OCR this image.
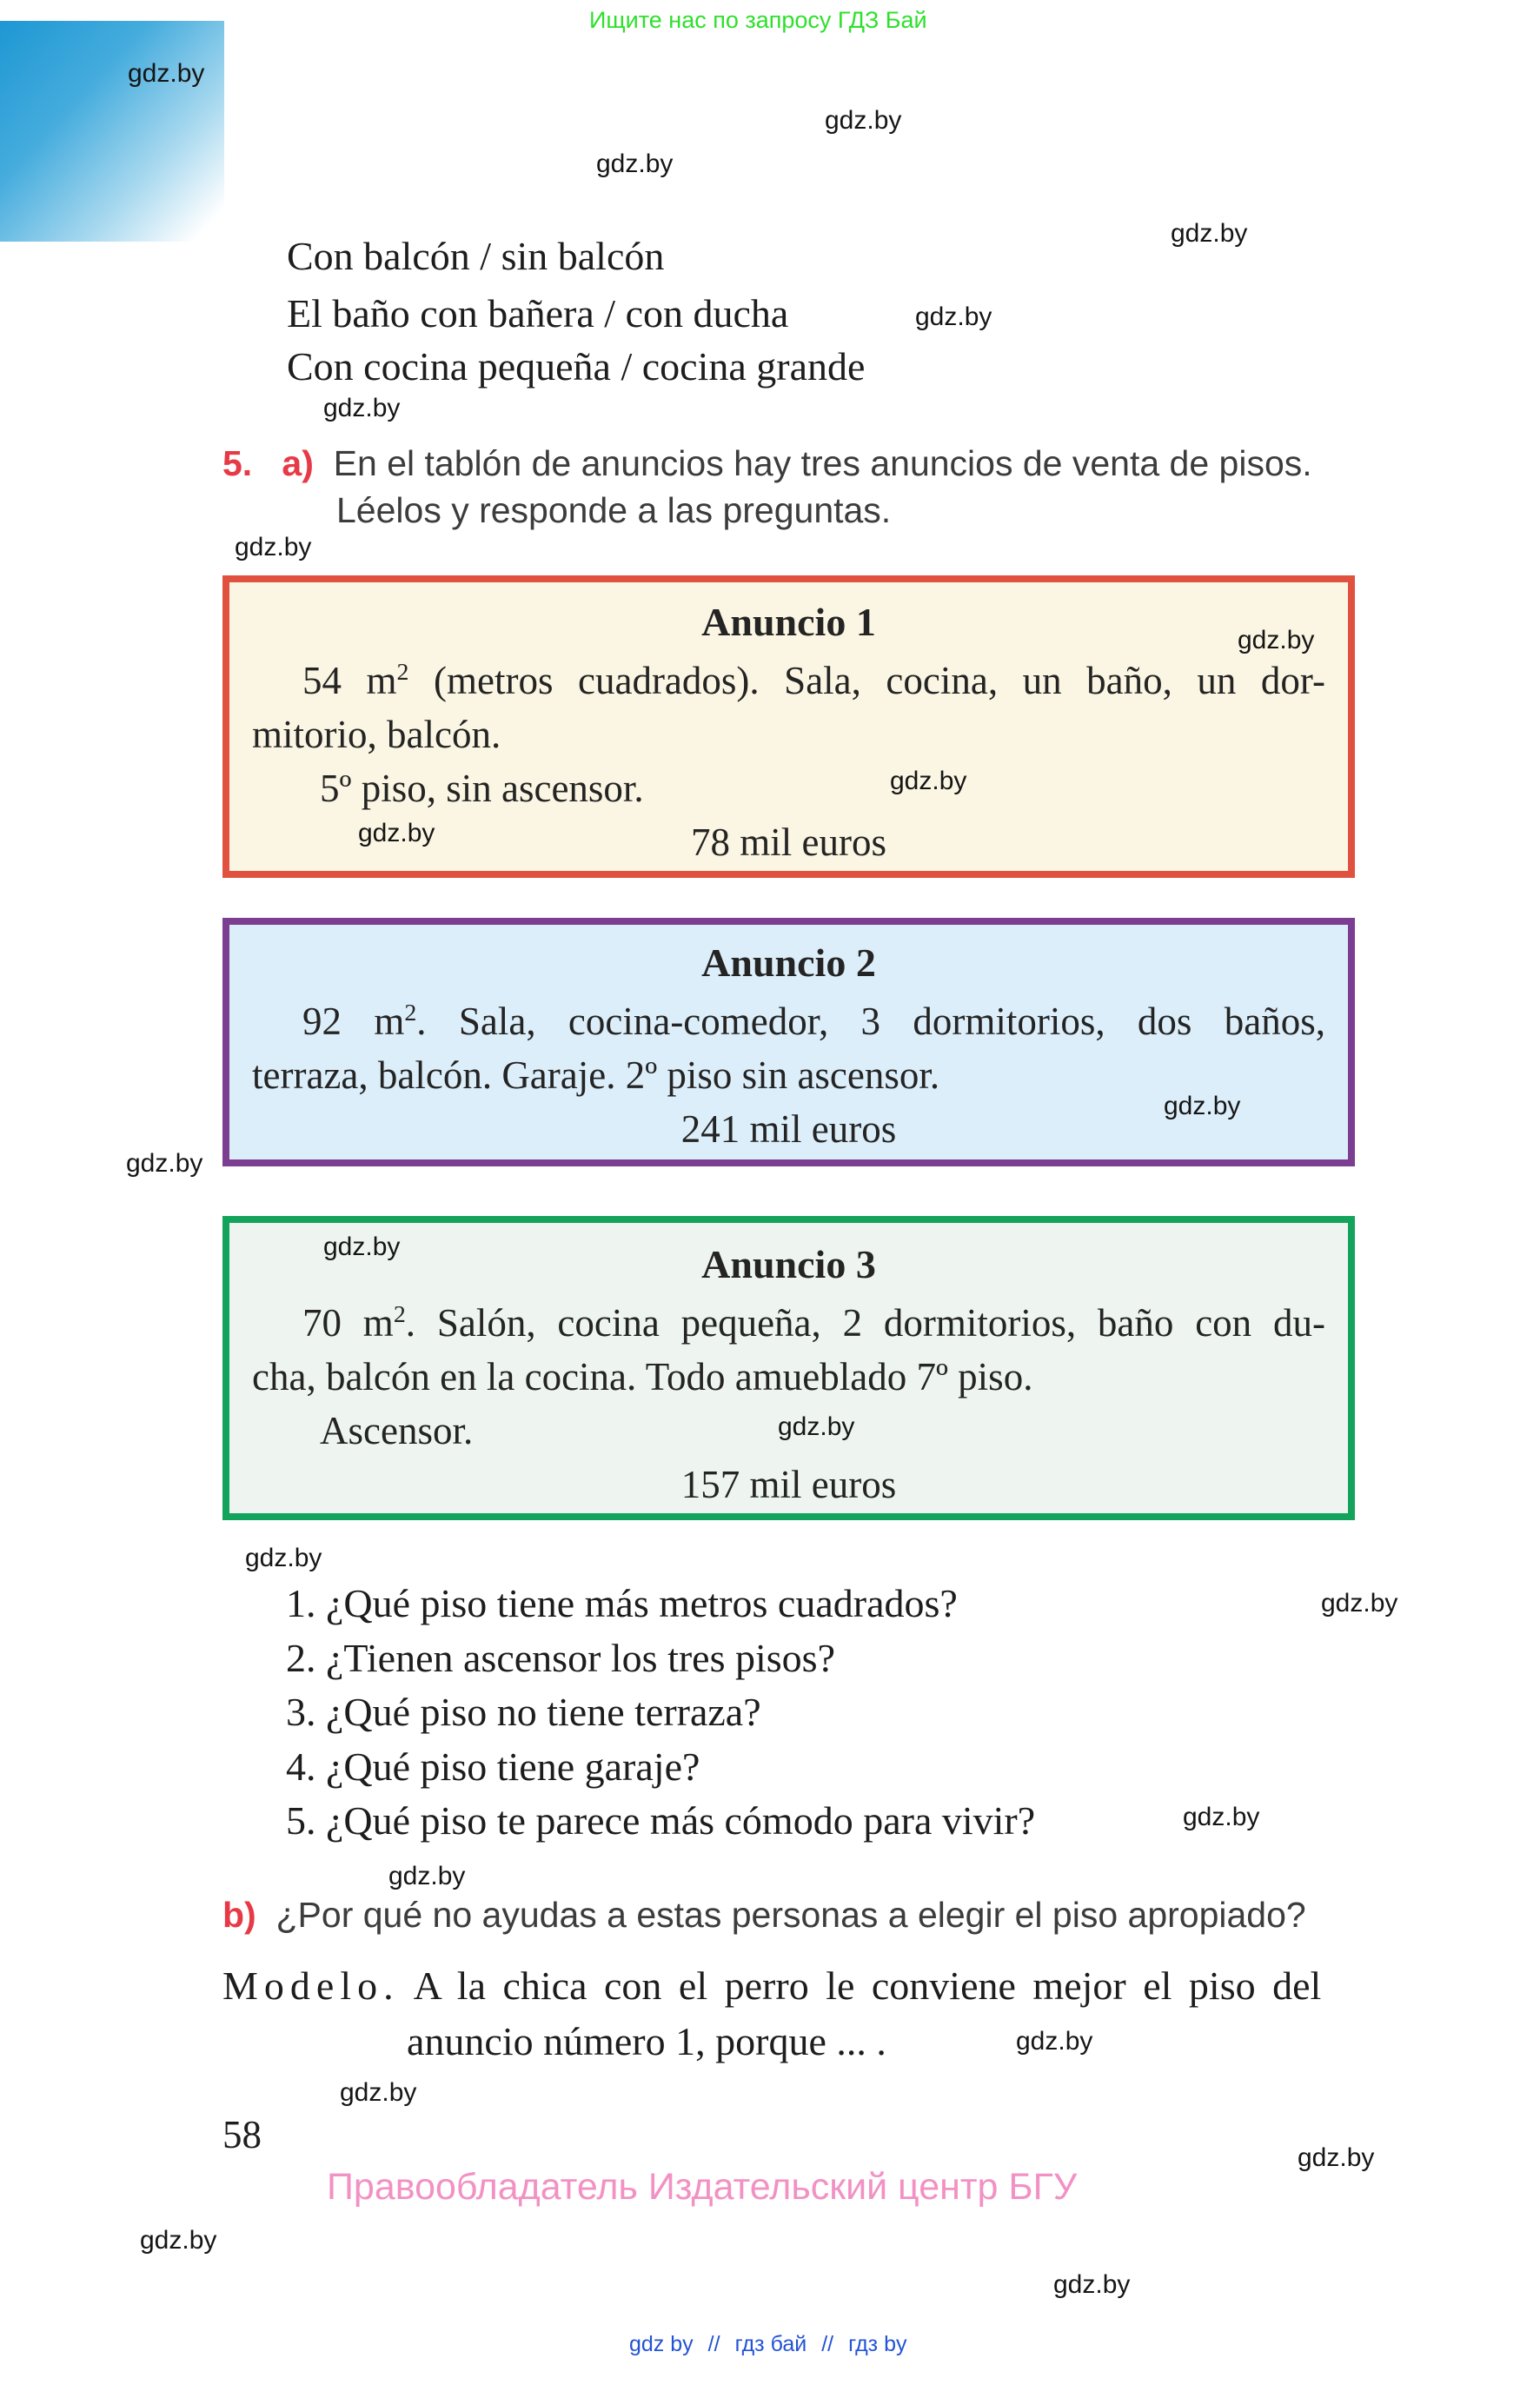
Ищите нас по запросу ГДЗ Бай
gdz.by
gdz.by
gdz.by
gdz.by
gdz.by
gdz.by
gdz.by
gdz.by
gdz.by
gdz.by
gdz.by
gdz.by
gdz.by
gdz.by
gdz.by
gdz.by
gdz.by
gdz.by
gdz.by
gdz.by
gdz.by
gdz.by
gdz.by
Con balcón / sin balcón
El baño con bañera / con ducha
Con cocina pequeña / cocina grande
5. a) En el tablón de anuncios hay tres anuncios de venta de pisos.
Léelos y responde a las preguntas.

Anuncio 1

54 $m^2$ (metros cuadrados). Sala, cocina, un baño, un dor-

mitorio, balcón.

5º piso, sin ascensor.

78 mil euros

Anuncio 2

92 $m^2$. Sala, cocina-comedor, 3 dormitorios, dos baños,

terraza, balcón. Garaje. 2º piso sin ascensor.

241 mil euros

Anuncio 3

70 $m^2$. Salón, cocina pequeña, 2 dormitorios, baño con du-

cha, balcón en la cocina. Todo amueblado 7º piso.

Ascensor.

157 mil euros

1. ¿Qué piso tiene más metros cuadrados?
2. ¿Tienen ascensor los tres pisos?
3. ¿Qué piso no tiene terraza?
4. ¿Qué piso tiene garaje?
5. ¿Qué piso te parece más cómodo para vivir?
b) ¿Por qué no ayudas a estas personas a elegir el piso apropiado?
Modelo. A la chica con el perro le conviene mejor el piso del
anuncio número 1, porque ... .
58
Правообладатель Издательский центр БГУ
gdz by // гдз бай // гдз by
